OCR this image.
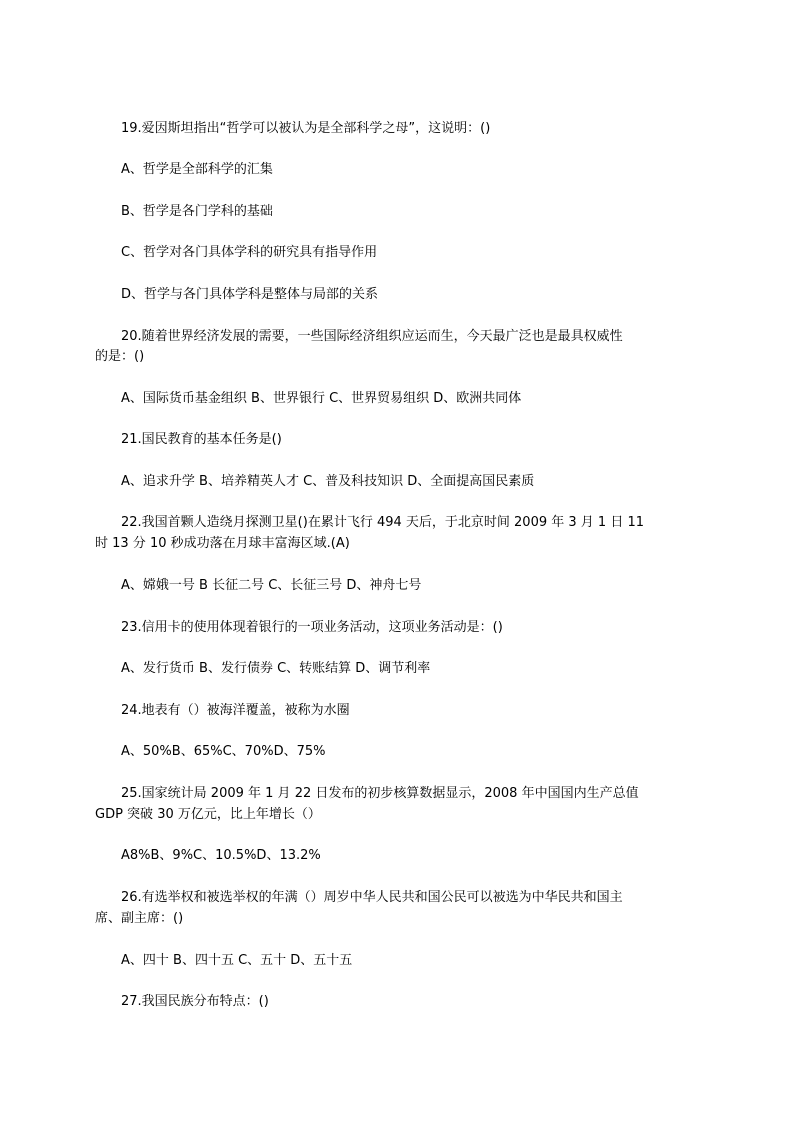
19.爱因斯坦指出“哲学可以被认为是全部科学之母”，这说明：()
A、哲学是全部科学的汇集
B、哲学是各门学科的基础
C、哲学对各门具体学科的研究具有指导作用
D、哲学与各门具体学科是整体与局部的关系
20.随着世界经济发展的需要，一些国际经济组织应运而生，今天最广泛也是最具权威性
的是：()
A、国际货币基金组织 B、世界银行 C、世界贸易组织 D、欧洲共同体
21.国民教育的基本任务是()
A、追求升学 B、培养精英人才 C、普及科技知识 D、全面提高国民素质
22.我国首颗人造绕月探测卫星()在累计飞行 494 天后，于北京时间 2009 年 3 月 1 日 11
时 13 分 10 秒成功落在月球丰富海区域.(A)
A、嫦娥一号 B 长征二号 C、长征三号 D、神舟七号
23.信用卡的使用体现着银行的一项业务活动，这项业务活动是：()
A、发行货币 B、发行债券 C、转账结算 D、调节利率
24.地表有（）被海洋覆盖，被称为水圈
A、50%B、65%C、70%D、75%
25.国家统计局 2009 年 1 月 22 日发布的初步核算数据显示，2008 年中国国内生产总值
GDP 突破 30 万亿元，比上年增长（）
A8%B、9%C、10.5%D、13.2%
26.有选举权和被选举权的年满（）周岁中华人民共和国公民可以被选为中华民共和国主
席、副主席：()
A、四十 B、四十五 C、五十 D、五十五
27.我国民族分布特点：()
